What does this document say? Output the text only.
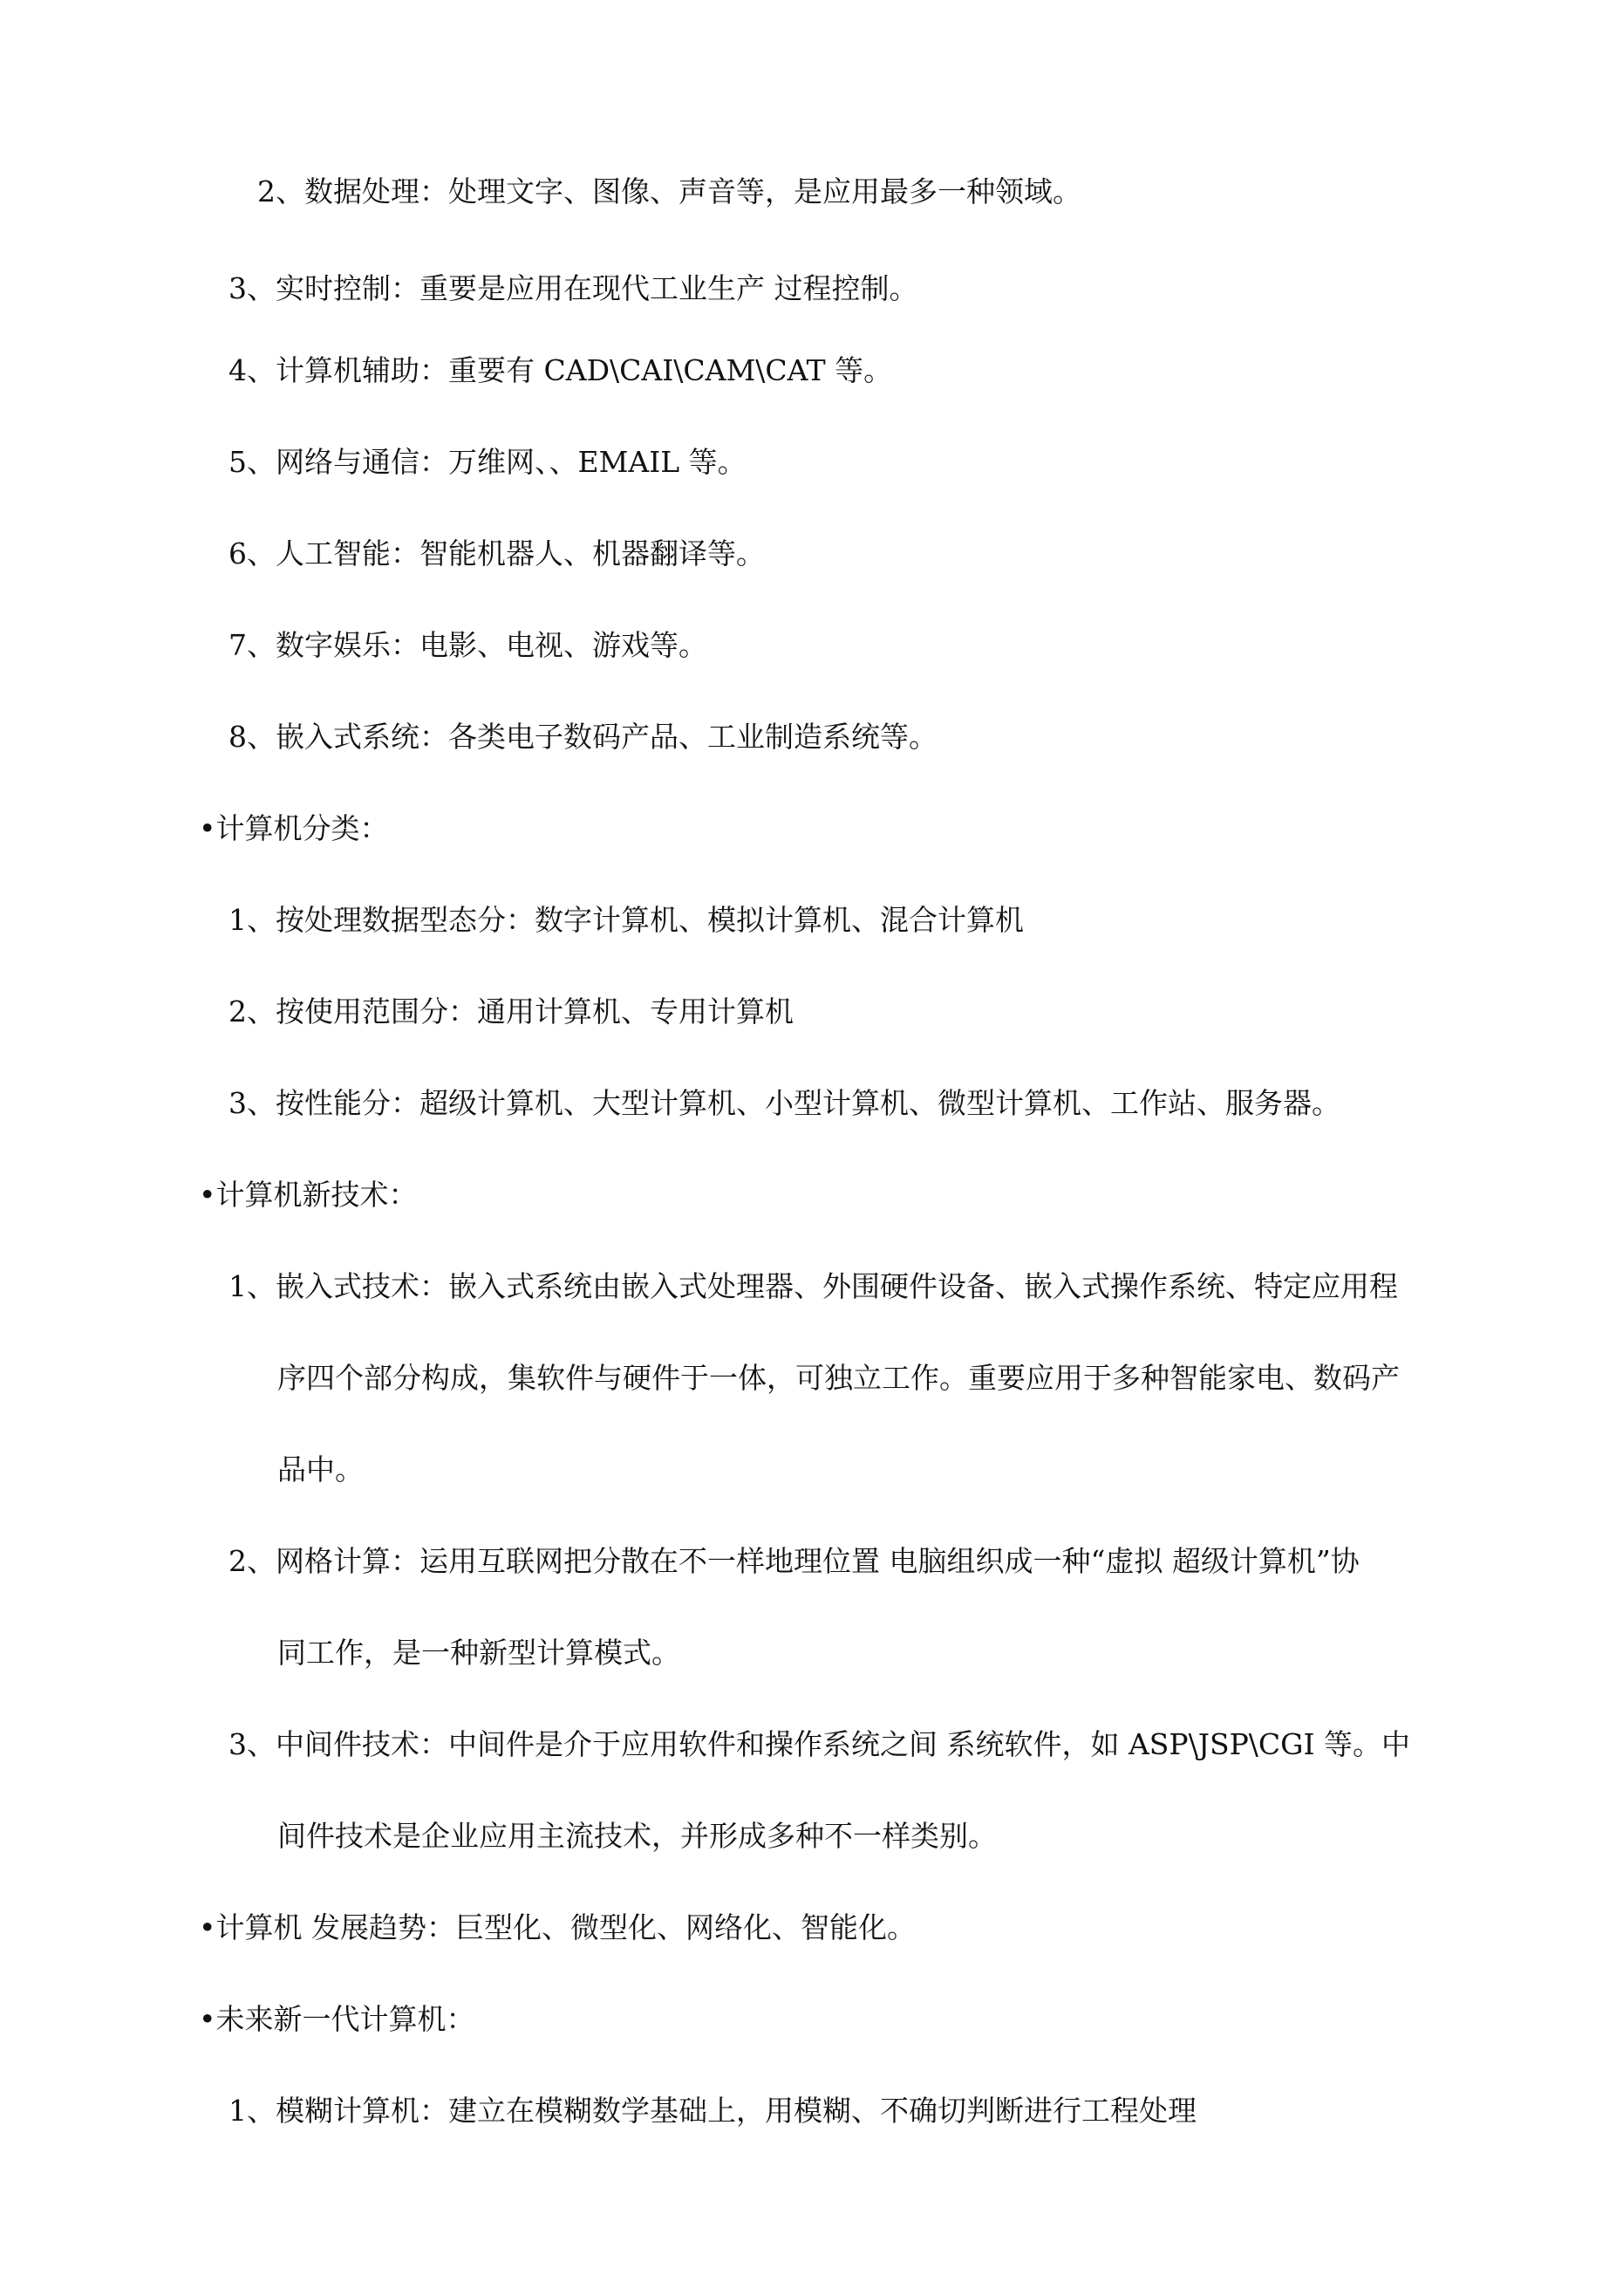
2、数据处理：处理文字、图像、声音等，是应用最多一种领域。
3、实时控制：重要是应用在现代工业生产 过程控制。
4、计算机辅助：重要有 CAD\CAI\CAM\CAT 等。
5、网络与通信：万维网、、EMAIL 等。
6、人工智能：智能机器人、机器翻译等。
7、数字娱乐：电影、电视、游戏等。
8、嵌入式系统：各类电子数码产品、工业制造系统等。
•计算机分类：
1、按处理数据型态分：数字计算机、模拟计算机、混合计算机
2、按使用范围分：通用计算机、专用计算机
3、按性能分：超级计算机、大型计算机、小型计算机、微型计算机、工作站、服务器。
•计算机新技术：
1、嵌入式技术：嵌入式系统由嵌入式处理器、外围硬件设备、嵌入式操作系统、特定应用程
序四个部分构成，集软件与硬件于一体，可独立工作。重要应用于多种智能家电、数码产
品中。
2、网格计算：运用互联网把分散在不一样地理位置 电脑组织成一种“虚拟 超级计算机”协
同工作，是一种新型计算模式。
3、中间件技术：中间件是介于应用软件和操作系统之间 系统软件，如 ASP\JSP\CGI 等。中
间件技术是企业应用主流技术，并形成多种不一样类别。
•计算机 发展趋势：巨型化、微型化、网络化、智能化。
•未来新一代计算机：
1、模糊计算机：建立在模糊数学基础上，用模糊、不确切判断进行工程处理
